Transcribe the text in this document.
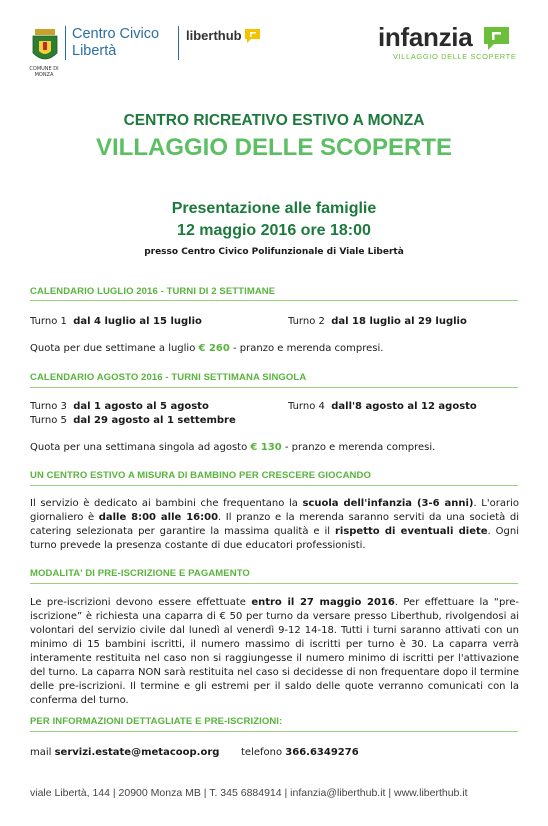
COMUNE DI
MONZA
Centro Civico
Libertà
liberthub	infanzia
VILLAGGIO DELLE SCOPERTE
CENTRO RICREATIVO ESTIVO A MONZA
VILLAGGIO DELLE SCOPERTE
Presentazione alle famiglie
12 maggio 2016 ore 18:00
presso Centro Civico Polifunzionale di Viale Libertà
CALENDARIO LUGLIO 2016 - TURNI DI 2 SETTIMANE
Turno 1 dal 4 luglio al 15 luglio	Turno 2 dal 18 luglio al 29 luglio
Quota per due settimane a luglio € 260 - pranzo e merenda compresi.
CALENDARIO AGOSTO 2016 - TURNI SETTIMANA SINGOLA
Turno 3 dal 1 agosto al 5 agosto	Turno 4 dall'8 agosto al 12 agosto
Turno 5 dal 29 agosto al 1 settembre
Quota per una settimana singola ad agosto € 130 - pranzo e merenda compresi.
UN CENTRO ESTIVO A MISURA DI BAMBINO PER CRESCERE GIOCANDO
Il servizio è dedicato ai bambini che frequentano la scuola dell'infanzia (3-6 anni). L'orario giornaliero è dalle 8:00 alle 16:00. Il pranzo e la merenda saranno serviti da una società di catering selezionata per garantire la massima qualità e il rispetto di eventuali diete. Ogni turno prevede la presenza costante di due educatori professionisti.
MODALITA' DI PRE-ISCRIZIONE E PAGAMENTO
Le pre-iscrizioni devono essere effettuate entro il 27 maggio 2016. Per effettuare la “pre-iscrizione” è richiesta una caparra di € 50 per turno da versare presso Liberthub, rivolgendosi ai volontari del servizio civile dal lunedì al venerdì 9-12 14-18. Tutti i turni saranno attivati con un minimo di 15 bambini iscritti, il numero massimo di iscritti per turno è 30. La caparra verrà interamente restituita nel caso non si raggiungesse il numero minimo di iscritti per l'attivazione del turno. La caparra NON sarà restituita nel caso si decidesse di non frequentare dopo il termine delle pre-iscrizioni. Il termine e gli estremi per il saldo delle quote verranno comunicati con la conferma del turno.
PER INFORMAZIONI DETTAGLIATE E PRE-ISCRIZIONI:
mail servizi.estate@metacoop.org telefono 366.6349276
viale Libertà, 144 | 20900 Monza MB | T. 345 6884914 | infanzia@liberthub.it | www.liberthub.it
